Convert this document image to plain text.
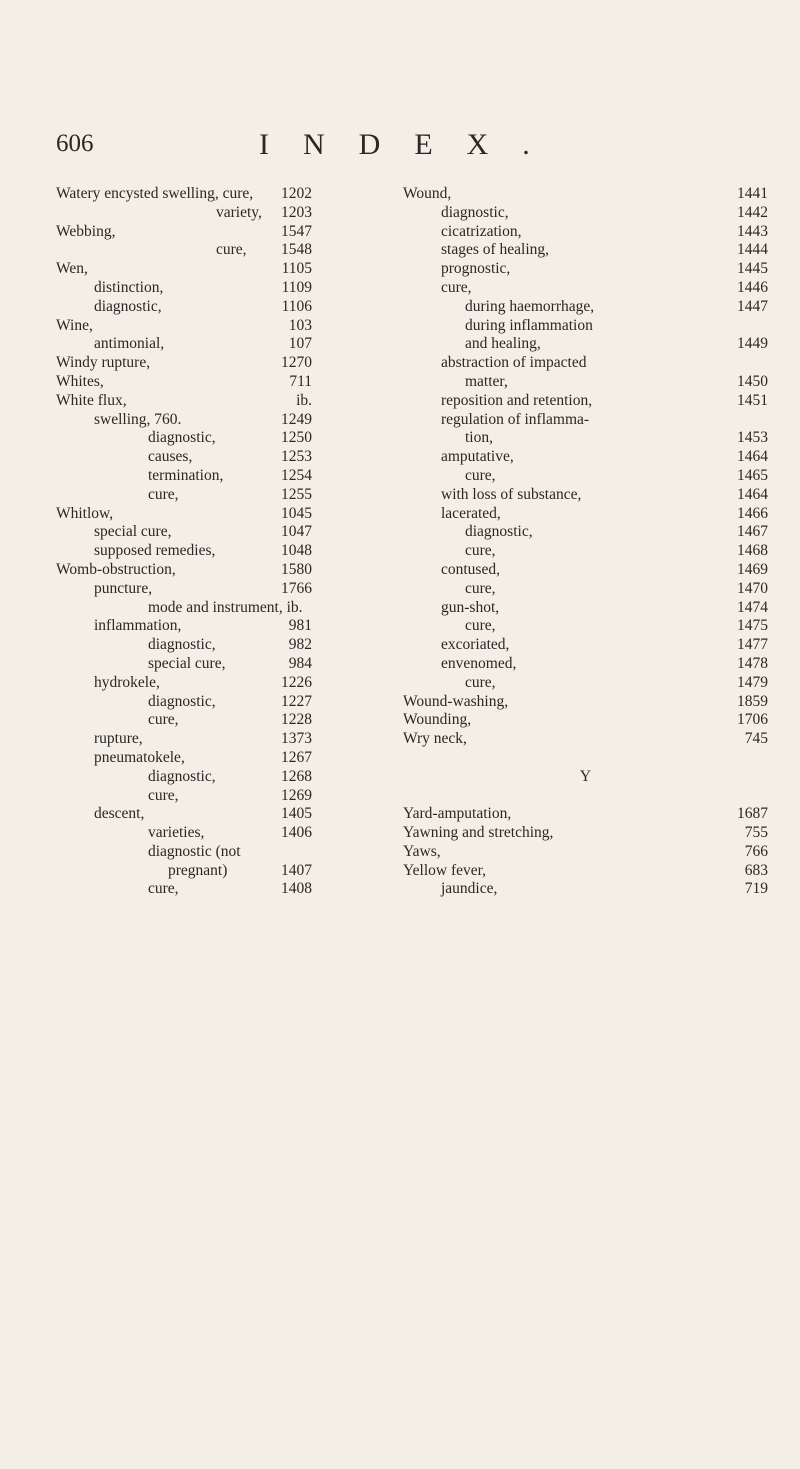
606	INDEX.
Watery encysted swelling, cure, 1202
variety, 1203
Webbing,	1547
cure, 1548
Wen,	1105
distinction,	1109
diagnostic,	1106
Wine,	103
antimonial,	107
Windy rupture,	1270
Whites,	711
White flux,	ib.
swelling, 760.	1249
diagnostic,	1250
causes,	1253
termination,	1254
cure,	1255
Whitlow,	1045
special cure,	1047
supposed remedies,	1048
Womb-obstruction,	1580
puncture,	1766
mode and instrument, ib.
inflammation,	981
diagnostic,	982
special cure,	984
hydrokele,	1226
diagnostic,	1227
cure,	1228
rupture,	1373
pneumatokele,	1267
diagnostic,	1268
cure,	1269
descent,	1405
varieties,	1406
diagnostic (not
pregnant)	1407
cure,	1408
Wound,	1441
diagnostic,	1442
cicatrization,	1443
stages of healing,	1444
prognostic,	1445
cure,	1446
during haemorrhage,	1447
during inflammation
and healing,	1449
abstraction of impacted
matter,	1450
reposition and retention,	1451
regulation of inflamma-
tion,	1453
amputative,	1464
cure,	1465
with loss of substance,	1464
lacerated,	1466
diagnostic,	1467
cure,	1468
contused,	1469
cure,	1470
gun-shot,	1474
cure,	1475
excoriated,	1477
envenomed,	1478
cure,	1479
Wound-washing,	1859
Wounding,	1706
Wry neck,	745
Y
Yard-amputation,	1687
Yawning and stretching,	755
Yaws,	766
Yellow fever,	683
jaundice,	719
